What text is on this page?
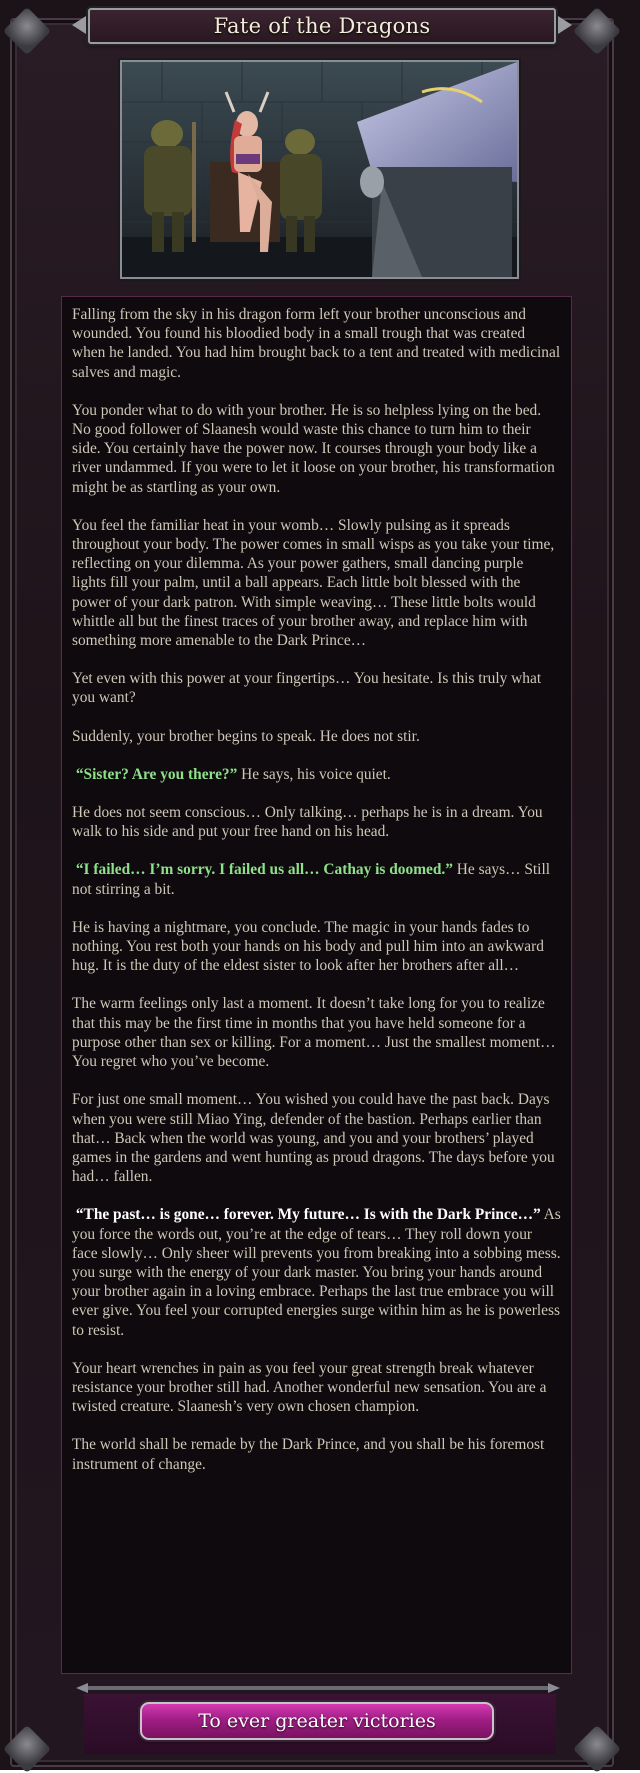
Fate of the Dragons

Falling from the sky in his dragon form left your brother unconscious and wounded. You found his bloodied body in a small trough that was created when he landed. You had him brought back to a tent and treated with medicinal salves and magic.

You ponder what to do with your brother. He is so helpless lying on the bed. No good follower of Slaanesh would waste this chance to turn him to their side. You certainly have the power now. It courses through your body like a river undammed. If you were to let it loose on your brother, his transformation might be as startling as your own.

You feel the familiar heat in your womb… Slowly pulsing as it spreads throughout your body. The power comes in small wisps as you take your time, reflecting on your dilemma. As your power gathers, small dancing purple lights fill your palm, until a ball appears. Each little bolt blessed with the power of your dark patron. With simple weaving… These little bolts would whittle all but the finest traces of your brother away, and replace him with something more amenable to the Dark Prince…

Yet even with this power at your fingertips… You hesitate. Is this truly what you want?

Suddenly, your brother begins to speak. He does not stir.

“Sister? Are you there?” He says, his voice quiet.

He does not seem conscious… Only talking… perhaps he is in a dream. You walk to his side and put your free hand on his head.

“I failed… I’m sorry. I failed us all… Cathay is doomed.” He says… Still not stirring a bit.

He is having a nightmare, you conclude. The magic in your hands fades to nothing. You rest both your hands on his body and pull him into an awkward hug. It is the duty of the eldest sister to look after her brothers after all…

The warm feelings only last a moment. It doesn’t take long for you to realize that this may be the first time in months that you have held someone for a purpose other than sex or killing. For a moment… Just the smallest moment… You regret who you’ve become.

For just one small moment… You wished you could have the past back. Days when you were still Miao Ying, defender of the bastion. Perhaps earlier than that… Back when the world was young, and you and your brothers’ played games in the gardens and went hunting as proud dragons. The days before you had… fallen.

“The past… is gone… forever. My future… Is with the Dark Prince…” As you force the words out, you’re at the edge of tears… They roll down your face slowly… Only sheer will prevents you from breaking into a sobbing mess. you surge with the energy of your dark master. You bring your hands around your brother again in a loving embrace. Perhaps the last true embrace you will ever give. You feel your corrupted energies surge within him as he is powerless to resist.

Your heart wrenches in pain as you feel your great strength break whatever resistance your brother still had. Another wonderful new sensation. You are a twisted creature. Slaanesh’s very own chosen champion.

The world shall be remade by the Dark Prince, and you shall be his foremost instrument of change.

To ever greater victories
